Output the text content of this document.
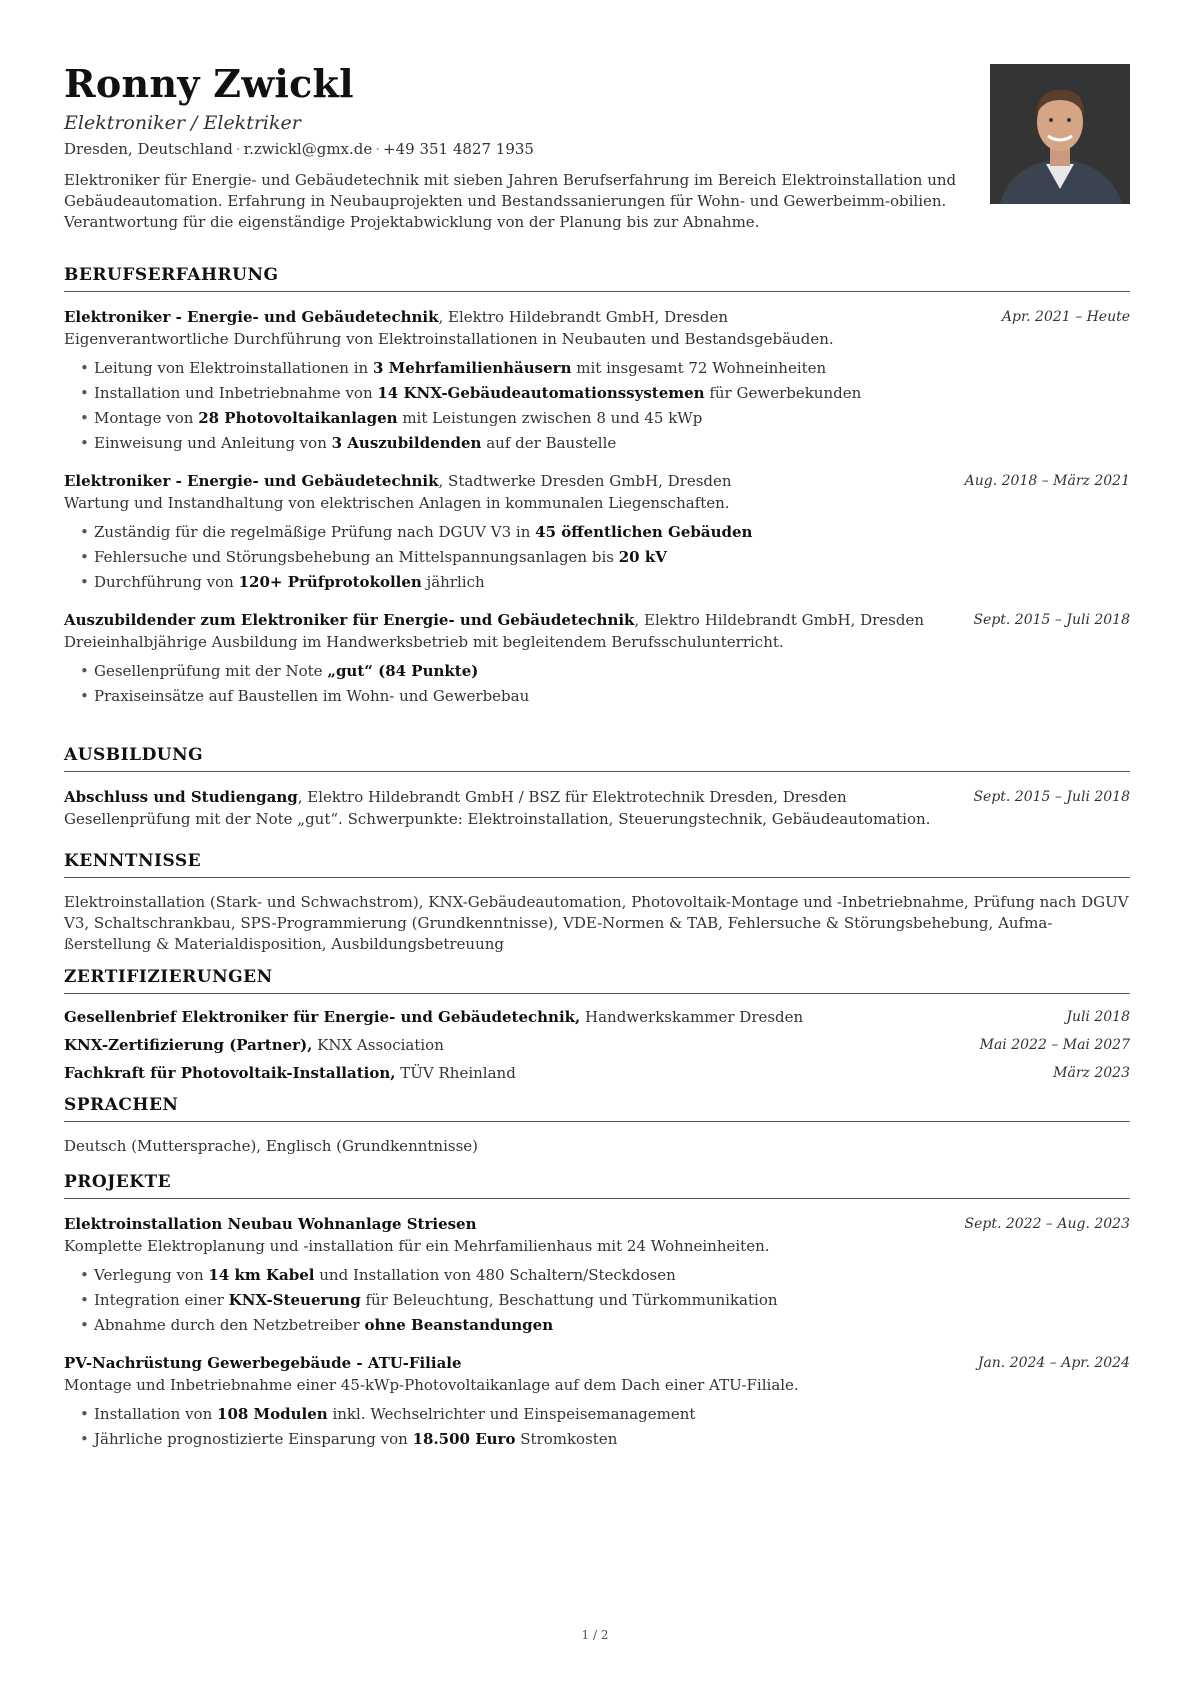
Ronny Zwickl
Elektroniker / Elektriker
Dresden, Deutschland · r.zwickl@gmx.de · +49 351 4827 1935
Elektroniker für Energie- und Gebäudetechnik mit sieben Jahren Berufserfahrung im Bereich Elektroinstallation und Gebäudeautomation. Erfahrung in Neubauprojekten und Bestandssanierungen für Wohn- und Gewerbeimm-obilien. Verantwortung für die eigenständige Projektabwicklung von der Planung bis zur Abnahme.
BERUFSERFAHRUNG
Elektroniker - Energie- und Gebäudetechnik, Elektro Hildebrandt GmbH, Dresden	Apr. 2021 – Heute
Eigenverantwortliche Durchführung von Elektroinstallationen in Neubauten und Bestandsgebäuden.
• Leitung von Elektroinstallationen in 3 Mehrfamilienhäusern mit insgesamt 72 Wohneinheiten
• Installation und Inbetriebnahme von 14 KNX-Gebäudeautomationssystemen für Gewerbekunden
• Montage von 28 Photovoltaikanlagen mit Leistungen zwischen 8 und 45 kWp
• Einweisung und Anleitung von 3 Auszubildenden auf der Baustelle
Elektroniker - Energie- und Gebäudetechnik, Stadtwerke Dresden GmbH, Dresden	Aug. 2018 – März 2021
Wartung und Instandhaltung von elektrischen Anlagen in kommunalen Liegenschaften.
• Zuständig für die regelmäßige Prüfung nach DGUV V3 in 45 öffentlichen Gebäuden
• Fehlersuche und Störungsbehebung an Mittelspannungsanlagen bis 20 kV
• Durchführung von 120+ Prüfprotokollen jährlich
Auszubildender zum Elektroniker für Energie- und Gebäudetechnik, Elektro Hildebrandt GmbH, Dresden	Sept. 2015 – Juli 2018
Dreieinhalbjährige Ausbildung im Handwerksbetrieb mit begleitendem Berufsschulunterricht.
• Gesellenprüfung mit der Note „gut“ (84 Punkte)
• Praxiseinsätze auf Baustellen im Wohn- und Gewerbebau
AUSBILDUNG
Abschluss und Studiengang, Elektro Hildebrandt GmbH / BSZ für Elektrotechnik Dresden, Dresden	Sept. 2015 – Juli 2018
Gesellenprüfung mit der Note „gut“. Schwerpunkte: Elektroinstallation, Steuerungstechnik, Gebäudeautomation.
KENNTNISSE
Elektroinstallation (Stark- und Schwachstrom), KNX-Gebäudeautomation, Photovoltaik-Montage und -Inbetriebnahme, Prüfung nach DGUV V3, Schaltschrankbau, SPS-Programmierung (Grundkenntnisse), VDE-Normen & TAB, Fehlersuche & Störungsbehebung, Aufma-ßerstellung & Materialdisposition, Ausbildungsbetreuung
ZERTIFIZIERUNGEN
Gesellenbrief Elektroniker für Energie- und Gebäudetechnik, Handwerkskammer Dresden	Juli 2018
KNX-Zertifizierung (Partner), KNX Association	Mai 2022 – Mai 2027
Fachkraft für Photovoltaik-Installation, TÜV Rheinland	März 2023
SPRACHEN
Deutsch (Muttersprache), Englisch (Grundkenntnisse)
PROJEKTE
Elektroinstallation Neubau Wohnanlage Striesen	Sept. 2022 – Aug. 2023
Komplette Elektroplanung und -installation für ein Mehrfamilienhaus mit 24 Wohneinheiten.
• Verlegung von 14 km Kabel und Installation von 480 Schaltern/Steckdosen
• Integration einer KNX-Steuerung für Beleuchtung, Beschattung und Türkommunikation
• Abnahme durch den Netzbetreiber ohne Beanstandungen
PV-Nachrüstung Gewerbegebäude - ATU-Filiale	Jan. 2024 – Apr. 2024
Montage und Inbetriebnahme einer 45-kWp-Photovoltaikanlage auf dem Dach einer ATU-Filiale.
• Installation von 108 Modulen inkl. Wechselrichter und Einspeisemanagement
• Jährliche prognostizierte Einsparung von 18.500 Euro Stromkosten
1 / 2
